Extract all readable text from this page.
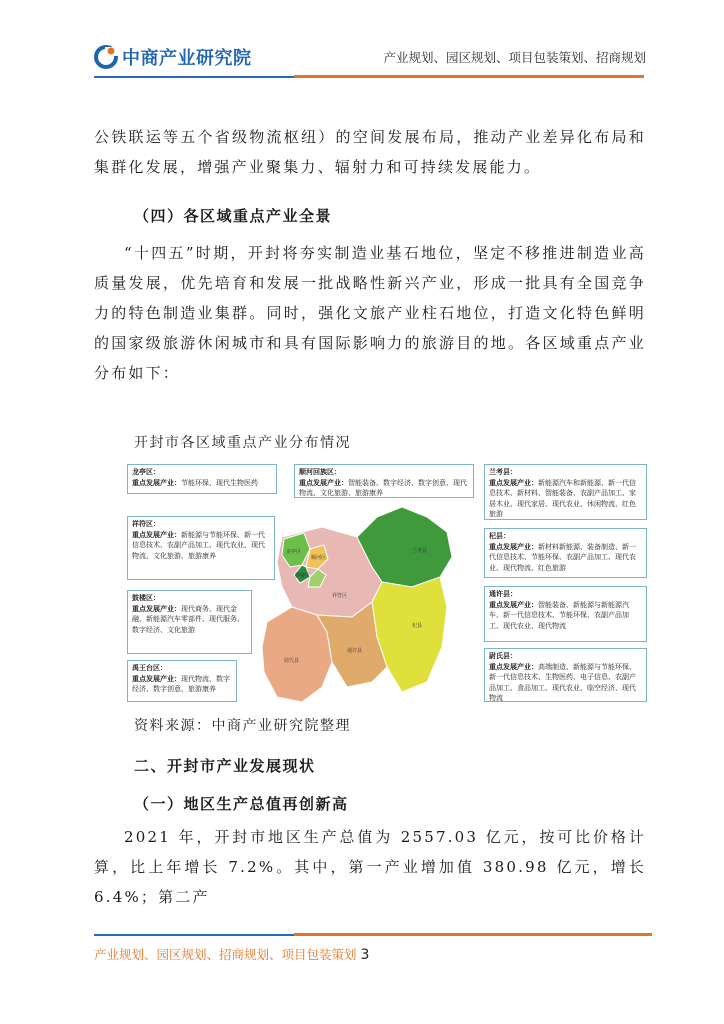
中商产业研究院	产业规划、园区规划、项目包装策划、招商规划
公铁联运等五个省级物流枢纽）的空间发展布局，推动产业差异化布局和集群化发展，增强产业聚集力、辐射力和可持续发展能力。
（四）各区域重点产业全景
“十四五”时期，开封将夯实制造业基石地位，坚定不移推进制造业高质量发展，优先培育和发展一批战略性新兴产业，形成一批具有全国竞争力的特色制造业集群。同时，强化文旅产业柱石地位，打造文化特色鲜明的国家级旅游休闲城市和具有国际影响力的旅游目的地。各区域重点产业分布如下：
开封市各区域重点产业分布情况
兰考县
杞县
通许县
尉氏县
祥符区
龙亭区
顺河区
鼓楼区
龙亭区：
重点发展产业：节能环保、现代生物医药
祥符区：
重点发展产业：新能源与节能环保、新一代信息技术、农副产品加工、现代农业、现代物流、文化旅游、旅游康养
鼓楼区：
重点发展产业：现代商务、现代金融、新能源汽车零部件、现代服务、数字经济、文化旅游
禹王台区：
重点发展产业：现代物流、数字经济、数字创意、旅游康养
顺河回族区：
重点发展产业：智能装备、数字经济、数字创意、现代物流、文化旅游、旅游康养
兰考县：
重点发展产业：新能源汽车和新能源、新一代信息技术、新材料、智能装备、农副产品加工、家居木业、现代家居、现代农业、休闲物流、红色旅游
杞县：
重点发展产业：新材料新能源、装备制造、新一代信息技术、节能环保、农副产品加工、现代农业、现代物流、红色旅游
通许县：
重点发展产业：智能装备、新能源与新能源汽车、新一代信息技术、节能环保、农副产品加工、现代农业、现代物流
尉氏县：
重点发展产业：高端制造、新能源与节能环保、新一代信息技术、生物医药、电子信息、农副产品加工、食品加工、现代农业、临空经济、现代物流
资料来源：中商产业研究院整理
二、开封市产业发展现状
（一）地区生产总值再创新高
2021 年，开封市地区生产总值为 2557.03 亿元，按可比价格计算，比上年增长 7.2%。其中，第一产业增加值 380.98 亿元，增长 6.4%；第二产
产业规划、园区规划、招商规划、项目包装策划 3
